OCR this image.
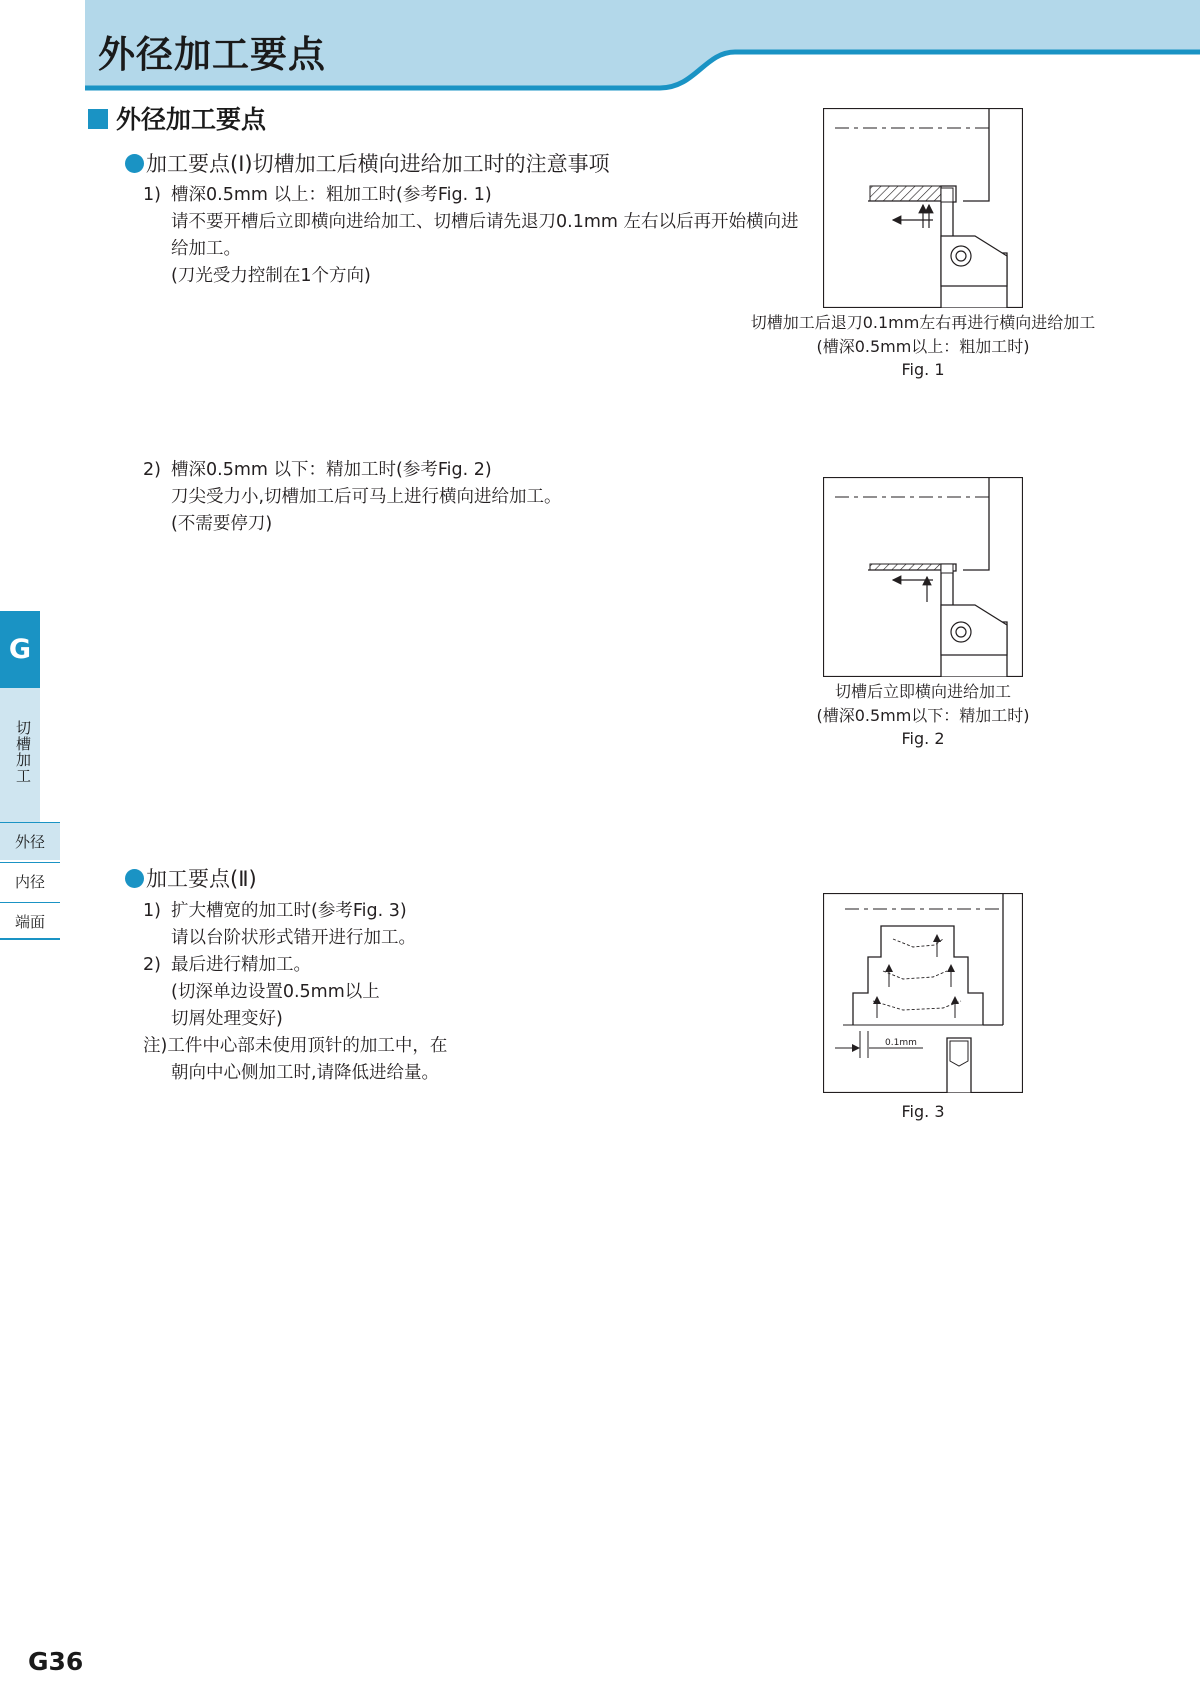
外径加工要点
外径加工要点
加工要点(Ⅰ)切槽加工后横向进给加工时的注意事项

1) 槽深0.5mm 以上：粗加工时(参考Fig. 1)

请不要开槽后立即横向进给加工、切槽后请先退刀0.1mm 左右以后再开始横向进

给加工。

(刀光受力控制在1个方向)

2) 槽深0.5mm 以下：精加工时(参考Fig. 2)

刀尖受力小,切槽加工后可马上进行横向进给加工。

(不需要停刀)

加工要点(Ⅱ)

1) 扩大槽宽的加工时(参考Fig. 3)

请以台阶状形式错开进行加工。

2) 最后进行精加工。

(切深单边设置0.5mm以上

切屑处理变好)

注)工件中心部未使用顶针的加工中，在

朝向中心侧加工时,请降低进给量。

切槽加工后退刀0.1mm左右再进行横向进给加工

(槽深0.5mm以上：粗加工时)

Fig. 1

切槽后立即横向进给加工

(槽深0.5mm以下：精加工时)

Fig. 2

0.1mm

Fig. 3

G
切槽加工
外径
内径
端面
G36
